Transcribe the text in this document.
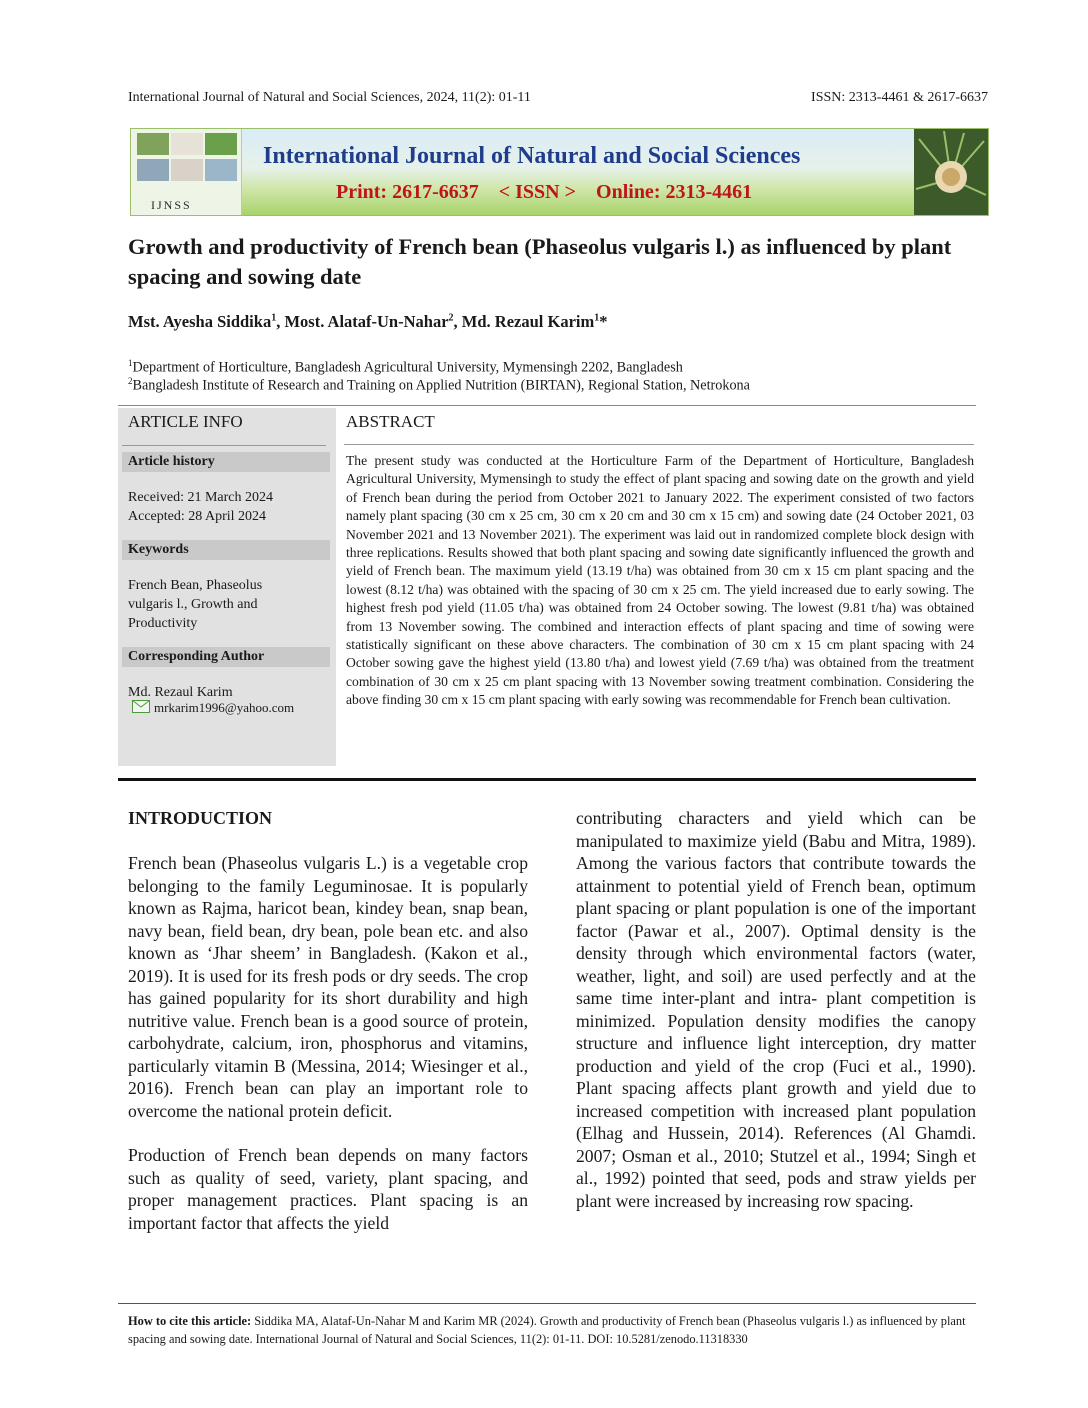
International Journal of Natural and Social Sciences, 2024, 11(2): 01-11	ISSN: 2313-4461 & 2617-6637
IJNSS
International Journal of Natural and Social Sciences
Print: 2617-6637    < ISSN >    Online: 2313-4461
Growth and productivity of French bean (Phaseolus vulgaris l.) as influenced by plant spacing and sowing date
Mst. Ayesha Siddika$^1$, Most. Alataf-Un-Nahar$^2$, Md. Rezaul Karim$^1$*
$^1$Department of Horticulture, Bangladesh Agricultural University, Mymensingh 2202, Bangladesh
$^2$Bangladesh Institute of Research and Training on Applied Nutrition (BIRTAN), Regional Station, Netrokona
ARTICLE INFO
Article history
Received: 21 March 2024
Accepted: 28 April 2024
Keywords
French Bean, Phaseolus vulgaris l., Growth and Productivity
Corresponding Author
Md. Rezaul Karim
mrkarim1996@yahoo.com
ABSTRACT
The present study was conducted at the Horticulture Farm of the Department of Horticulture, Bangladesh Agricultural University, Mymensingh to study the effect of plant spacing and sowing date on the growth and yield of French bean during the period from October 2021 to January 2022. The experiment consisted of two factors namely plant spacing (30 cm x 25 cm, 30 cm x 20 cm and 30 cm x 15 cm) and sowing date (24 October 2021, 03 November 2021 and 13 November 2021). The experiment was laid out in randomized complete block design with three replications. Results showed that both plant spacing and sowing date significantly influenced the growth and yield of French bean. The maximum yield (13.19 t/ha) was obtained from 30 cm x 15 cm plant spacing and the lowest (8.12 t/ha) was obtained with the spacing of 30 cm x 25 cm. The yield increased due to early sowing. The highest fresh pod yield (11.05 t/ha) was obtained from 24 October sowing. The lowest (9.81 t/ha) was obtained from 13 November sowing. The combined and interaction effects of plant spacing and time of sowing were statistically significant on these above characters. The combination of 30 cm x 15 cm plant spacing with 24 October sowing gave the highest yield (13.80 t/ha) and lowest yield (7.69 t/ha) was obtained from the treatment combination of 30 cm x 25 cm plant spacing with 13 November sowing treatment combination. Considering the above finding 30 cm x 15 cm plant spacing with early sowing was recommendable for French bean cultivation.
INTRODUCTION

French bean (Phaseolus vulgaris L.) is a vegetable crop belonging to the family Leguminosae. It is popularly known as Rajma, haricot bean, kindey bean, snap bean, navy bean, field bean, dry bean, pole bean etc. and also known as ‘Jhar sheem’ in Bangladesh. (Kakon et al., 2019). It is used for its fresh pods or dry seeds. The crop has gained popularity for its short durability and high nutritive value. French bean is a good source of protein, carbohydrate, calcium, iron, phosphorus and vitamins, particularly vitamin B (Messina, 2014; Wiesinger et al., 2016). French bean can play an important role to overcome the national protein deficit.

Production of French bean depends on many factors such as quality of seed, variety, plant spacing, and proper management practices. Plant spacing is an important factor that affects the yield

contributing characters and yield which can be manipulated to maximize yield (Babu and Mitra, 1989). Among the various factors that contribute towards the attainment to potential yield of French bean, optimum plant spacing or plant population is one of the important factor (Pawar et al., 2007). Optimal density is the density through which environmental factors (water, weather, light, and soil) are used perfectly and at the same time inter-plant and intra- plant competition is minimized. Population density modifies the canopy structure and influence light interception, dry matter production and yield of the crop (Fuci et al., 1990). Plant spacing affects plant growth and yield due to increased competition with increased plant population (Elhag and Hussein, 2014). References (Al Ghamdi. 2007; Osman et al., 2010; Stutzel et al., 1994; Singh et al., 1992) pointed that seed, pods and straw yields per plant were increased by increasing row spacing.

How to cite this article: Siddika MA, Alataf-Un-Nahar M and Karim MR (2024). Growth and productivity of French bean (Phaseolus vulgaris l.) as influenced by plant spacing and sowing date. International Journal of Natural and Social Sciences, 11(2): 01-11. DOI: 10.5281/zenodo.11318330
